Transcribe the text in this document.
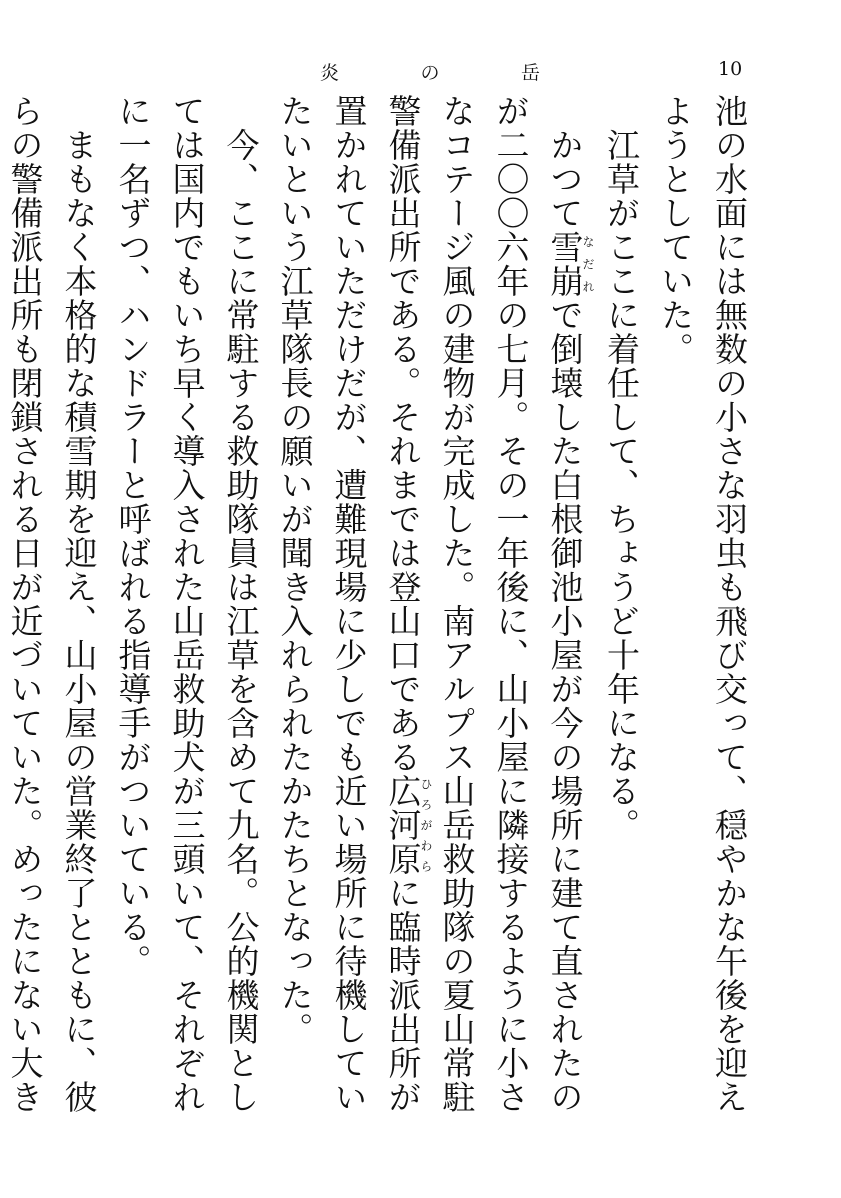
炎	の	岳	10

池の水面には無数の小さな羽虫も飛び交って、穏やかな午後を迎えようとしていた。

　江草がここに着任して、ちょうど十年になる。

　かつて雪崩なだれで倒壊した白根御池小屋が今の場所に建て直されたのが二〇〇六年の七月。その一年後に、山小屋に隣接するように小さなコテージ風の建物が完成した。南アルプス山岳救助隊の夏山常駐警備派出所である。それまでは登山口である広河原ひろがわらに臨時派出所が置かれていただけだが、遭難現場に少しでも近い場所に待機していたいという江草隊長の願いが聞き入れられたかたちとなった。

　今、ここに常駐する救助隊員は江草を含めて九名。公的機関としては国内でもいち早く導入された山岳救助犬が三頭いて、それぞれに一名ずつ、ハンドラーと呼ばれる指導手がついている。

　まもなく本格的な積雪期を迎え、山小屋の営業終了とともに、彼らの警備派出所も閉鎖される日が近づいていた。めったにない大き
